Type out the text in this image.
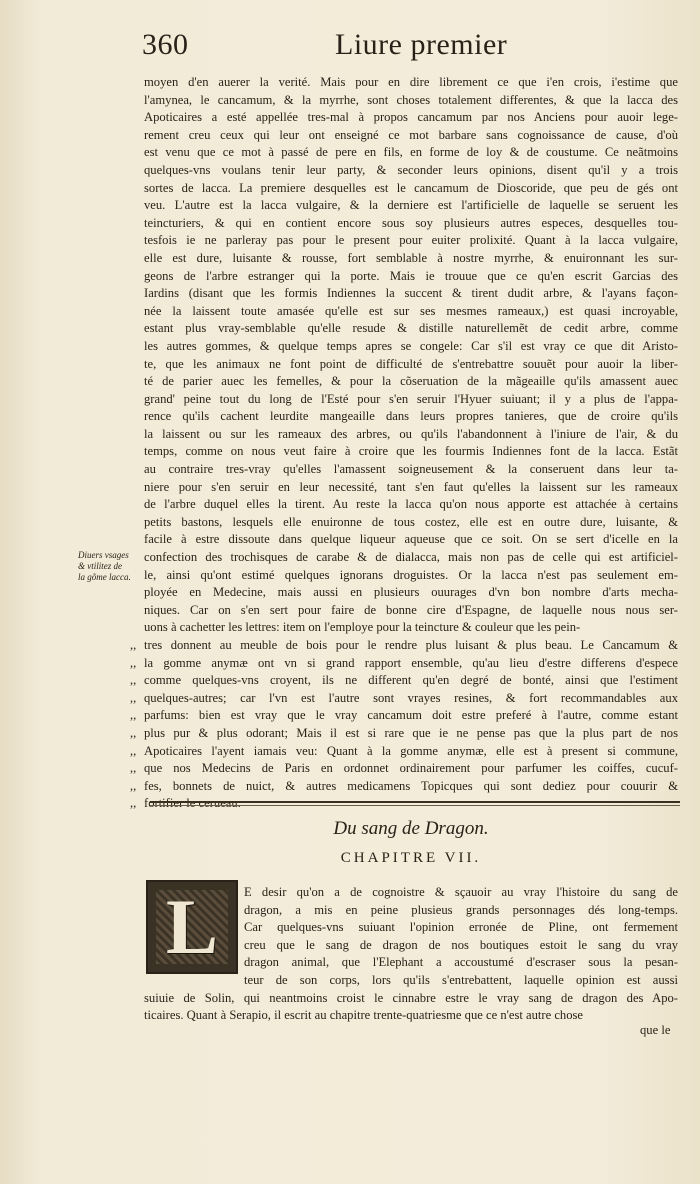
360	Liure premier
moyen d'en auerer la verité. Mais pour en dire librement ce que i'en crois, i'estime que
l'amynea, le cancamum, & la myrrhe, sont choses totalement differentes, & que la lacca des
Apoticaires a esté appellée tres-mal à propos cancamum par nos Anciens pour auoir lege-
rement creu ceux qui leur ont enseigné ce mot barbare sans cognoissance de cause, d'où
est venu que ce mot à passé de pere en fils, en forme de loy & de coustume. Ce neãtmoins
quelques-vns voulans tenir leur party, & seconder leurs opinions, disent qu'il y a trois
sortes de lacca. La premiere desquelles est le cancamum de Dioscoride, que peu de gés ont
veu. L'autre est la lacca vulgaire, & la derniere est l'artificielle de laquelle se seruent les
teincturiers, & qui en contient encore sous soy plusieurs autres especes, desquelles tou-
tesfois ie ne parleray pas pour le present pour euiter prolixité. Quant à la lacca vulgaire,
elle est dure, luisante & rousse, fort semblable à nostre myrrhe, & enuironnant les sur-
geons de l'arbre estranger qui la porte. Mais ie trouue que ce qu'en escrit Garcias des
Iardins (disant que les formis Indiennes la succent & tirent dudit arbre, & l'ayans façon-
née la laissent toute amasée qu'elle est sur ses mesmes rameaux,) est quasi incroyable,
estant plus vray-semblable qu'elle resude & distille naturellemẽt de cedit arbre, comme
les autres gommes, & quelque temps apres se congele: Car s'il est vray ce que dit Aristo-
te, que les animaux ne font point de difficulté de s'entrebattre souuẽt pour auoir la liber-
té de parier auec les femelles, & pour la cõseruation de la mãgeaille qu'ils amassent auec
grand' peine tout du long de l'Esté pour s'en seruir l'Hyuer suiuant; il y a plus de l'appa-
rence qu'ils cachent leurdite mangeaille dans leurs propres tanieres, que de croire qu'ils
la laissent ou sur les rameaux des arbres, ou qu'ils l'abandonnent à l'iniure de l'air, & du
temps, comme on nous veut faire à croire que les fourmis Indiennes font de la lacca. Estãt
au contraire tres-vray qu'elles l'amassent soigneusement & la conseruent dans leur ta-
niere pour s'en seruir en leur necessité, tant s'en faut qu'elles la laissent sur les rameaux
de l'arbre duquel elles la tirent. Au reste la lacca qu'on nous apporte est attachée à certains
petits bastons, lesquels elle enuironne de tous costez, elle est en outre dure, luisante, &
facile à estre dissoute dans quelque liqueur aqueuse que ce soit. On se sert d'icelle en la
confection des trochisques de carabe & de dialacca, mais non pas de celle qui est artificiel-
le, ainsi qu'ont estimé quelques ignorans droguistes. Or la lacca n'est pas seulement em-
ployée en Medecine, mais aussi en plusieurs ouurages d'vn bon nombre d'arts mecha-
niques. Car on s'en sert pour faire de bonne cire d'Espagne, de laquelle nous nous ser-
uons à cachetter les lettres: item on l'employe pour la teincture & couleur que les pein-
,, tres donnent au meuble de bois pour le rendre plus luisant & plus beau. Le Cancamum &
,, la gomme anymæ ont vn si grand rapport ensemble, qu'au lieu d'estre differens d'espece
,, comme quelques-vns croyent, ils ne different qu'en degré de bonté, ainsi que l'estiment
,, quelques-autres; car l'vn est l'autre sont vrayes resines, & fort recommandables aux
,, parfums: bien est vray que le vray cancamum doit estre preferé à l'autre, comme estant
,, plus pur & plus odorant; Mais il est si rare que ie ne pense pas que la plus part de nos
,, Apoticaires l'ayent iamais veu: Quant à la gomme anymæ, elle est à present si commune,
,, que nos Medecins de Paris en ordonnet ordinairement pour parfumer les coiffes, cucuf-
,, fes, bonnets de nuict, & autres medicamens Topicques qui sont dediez pour couurir &
,, fortifier le cerueau.
Diuers vsages
& vtilitez de
la gõme lacca.
Du sang de Dragon.
CHAPITRE VII.
L	E desir qu'on a de cognoistre & sçauoir au vray l'histoire du sang de
dragon, a mis en peine plusieus grands personnages dés long-temps.
Car quelques-vns suiuant l'opinion erronée de Pline, ont fermement
creu que le sang de dragon de nos boutiques estoit le sang du vray
dragon animal, que l'Elephant a accoustumé d'escraser sous la pesan-
teur de son corps, lors qu'ils s'entrebattent, laquelle opinion est aussi
suiuie de Solin, qui neantmoins croist le cinnabre estre le vray sang de dragon des Apo-
ticaires. Quant à Serapio, il escrit au chapitre trente-quatriesme que ce n'est autre chose
que le
